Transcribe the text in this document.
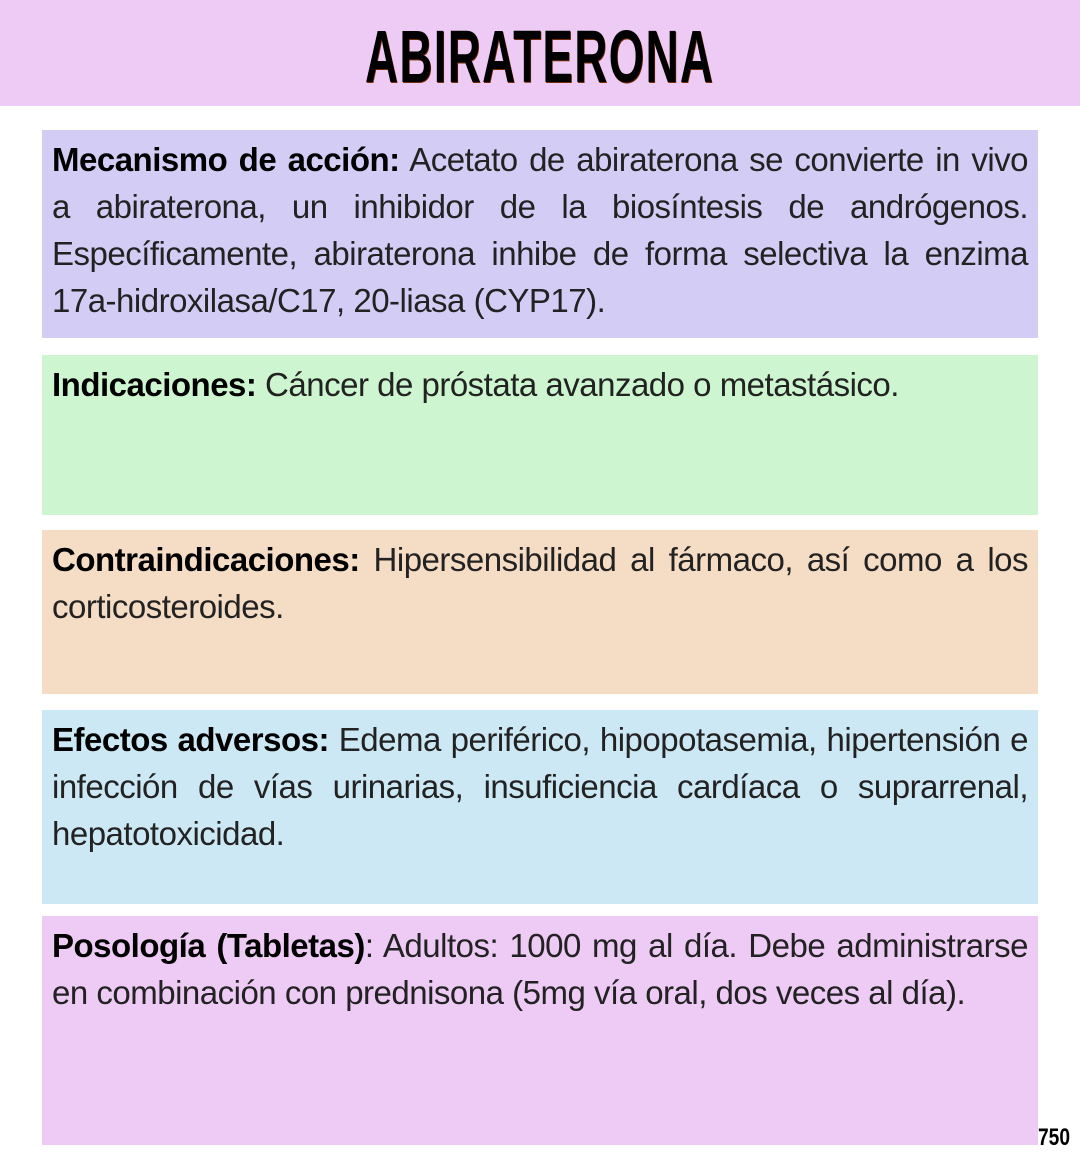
ABIRATERONA

Mecanismo de acción: Acetato de abiraterona se convierte in vivo a abiraterona, un inhibidor de la biosíntesis de andrógenos. Específicamente, abiraterona inhibe de forma selectiva la enzima 17a-hidroxilasa/C17, 20-liasa (CYP17).

Indicaciones: Cáncer de próstata avanzado o metastásico.

Contraindicaciones: Hipersensibilidad al fármaco, así como a los corticosteroides.

Efectos adversos: Edema periférico, hipopotasemia, hipertensión e infección de vías urinarias, insuficiencia cardíaca o suprarrenal, hepatotoxicidad.

Posología (Tabletas): Adultos: 1000 mg al día. Debe administrarse en combinación con prednisona (5mg vía oral, dos veces al día).

750
